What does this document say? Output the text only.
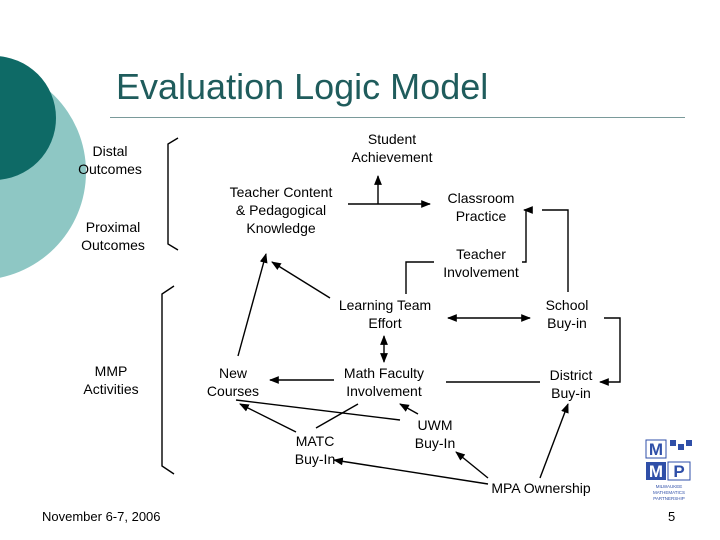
Evaluation Logic Model
Distal
Outcomes
Proximal
Outcomes
MMP
Activities
Student
Achievement
Teacher Content
& Pedagogical
Knowledge
Classroom
Practice
Teacher
Involvement
Learning Team
Effort
School
Buy-in
New
Courses
Math Faculty
Involvement
District
Buy-in
MATC
Buy-In
UWM
Buy-In
MPA Ownership
November 6-7, 2006	5
M
M P
MILWAUKEE
MATHEMATICS
PARTNERSHIP
